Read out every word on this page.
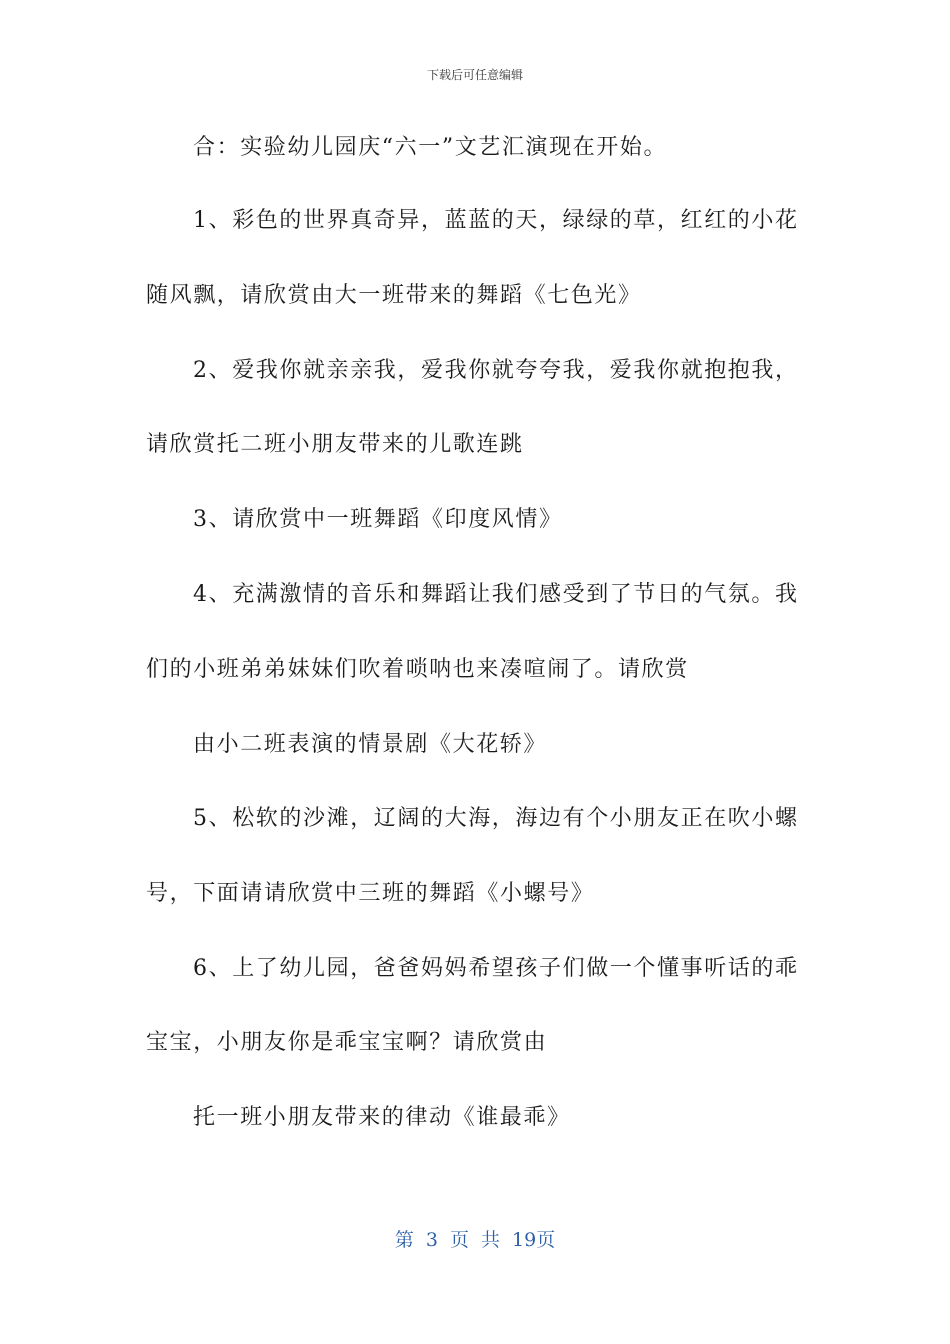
下载后可任意编辑
合：实验幼儿园庆“六一”文艺汇演现在开始。
1、彩色的世界真奇异，蓝蓝的天，绿绿的草，红红的小花
随风飘，请欣赏由大一班带来的舞蹈《七色光》
2、爱我你就亲亲我，爱我你就夸夸我，爱我你就抱抱我，
请欣赏托二班小朋友带来的儿歌连跳
3、请欣赏中一班舞蹈《印度风情》
4、充满激情的音乐和舞蹈让我们感受到了节日的气氛。我
们的小班弟弟妹妹们吹着唢呐也来凑喧闹了。请欣赏
由小二班表演的情景剧《大花轿》
5、松软的沙滩，辽阔的大海，海边有个小朋友正在吹小螺
号，下面请请欣赏中三班的舞蹈《小螺号》
6、上了幼儿园，爸爸妈妈希望孩子们做一个懂事听话的乖
宝宝，小朋友你是乖宝宝啊？请欣赏由
托一班小朋友带来的律动《谁最乖》
第 3 页 共 19页
